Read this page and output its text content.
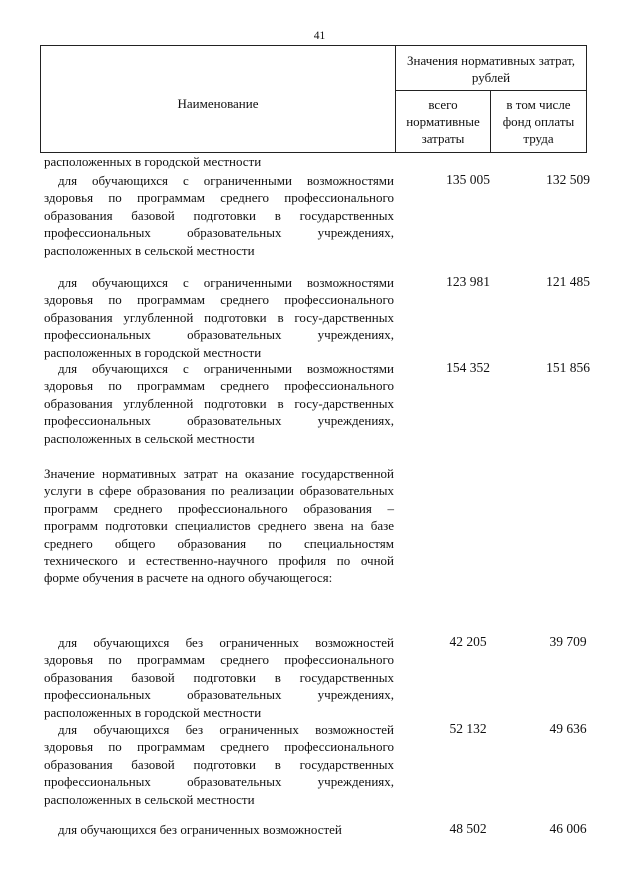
41
Наименование
Значения нормативных затрат, рублей
всего нормативные затраты
в том числе фонд оплаты труда
расположенных в городской местности
для обучающихся с ограниченными возможностями здоровья по программам среднего профессионального образования базовой подготовки в государственных профессиональных образовательных учреждениях, расположенных в сельской местности
135 005	132 509
для обучающихся с ограниченными возможностями здоровья по программам среднего профессионального образования углубленной подготовки в госу-дарственных профессиональных образовательных учреждениях, расположенных в городской местности
123 981	121 485
для обучающихся с ограниченными возможностями здоровья по программам среднего профессионального образования углубленной подготовки в госу-дарственных профессиональных образовательных учреждениях, расположенных в сельской местности
154 352	151 856
Значение нормативных затрат на оказание государственной услуги в сфере образования по реализации образовательных программ среднего профессионального образования – программ подготовки специалистов среднего звена на базе среднего общего образования по специальностям технического и естественно-научного профиля по очной форме обучения в расчете на одного обучающегося:
для обучающихся без ограниченных возможностей здоровья по программам среднего профессионального образования базовой подготовки в государственных профессиональных образовательных учреждениях, расположенных в городской местности
42 205	39 709
для обучающихся без ограниченных возможностей здоровья по программам среднего профессионального образования базовой подготовки в государственных профессиональных образовательных учреждениях, расположенных в сельской местности
52 132	49 636
для обучающихся без ограниченных возможностей	48 502	46 006
